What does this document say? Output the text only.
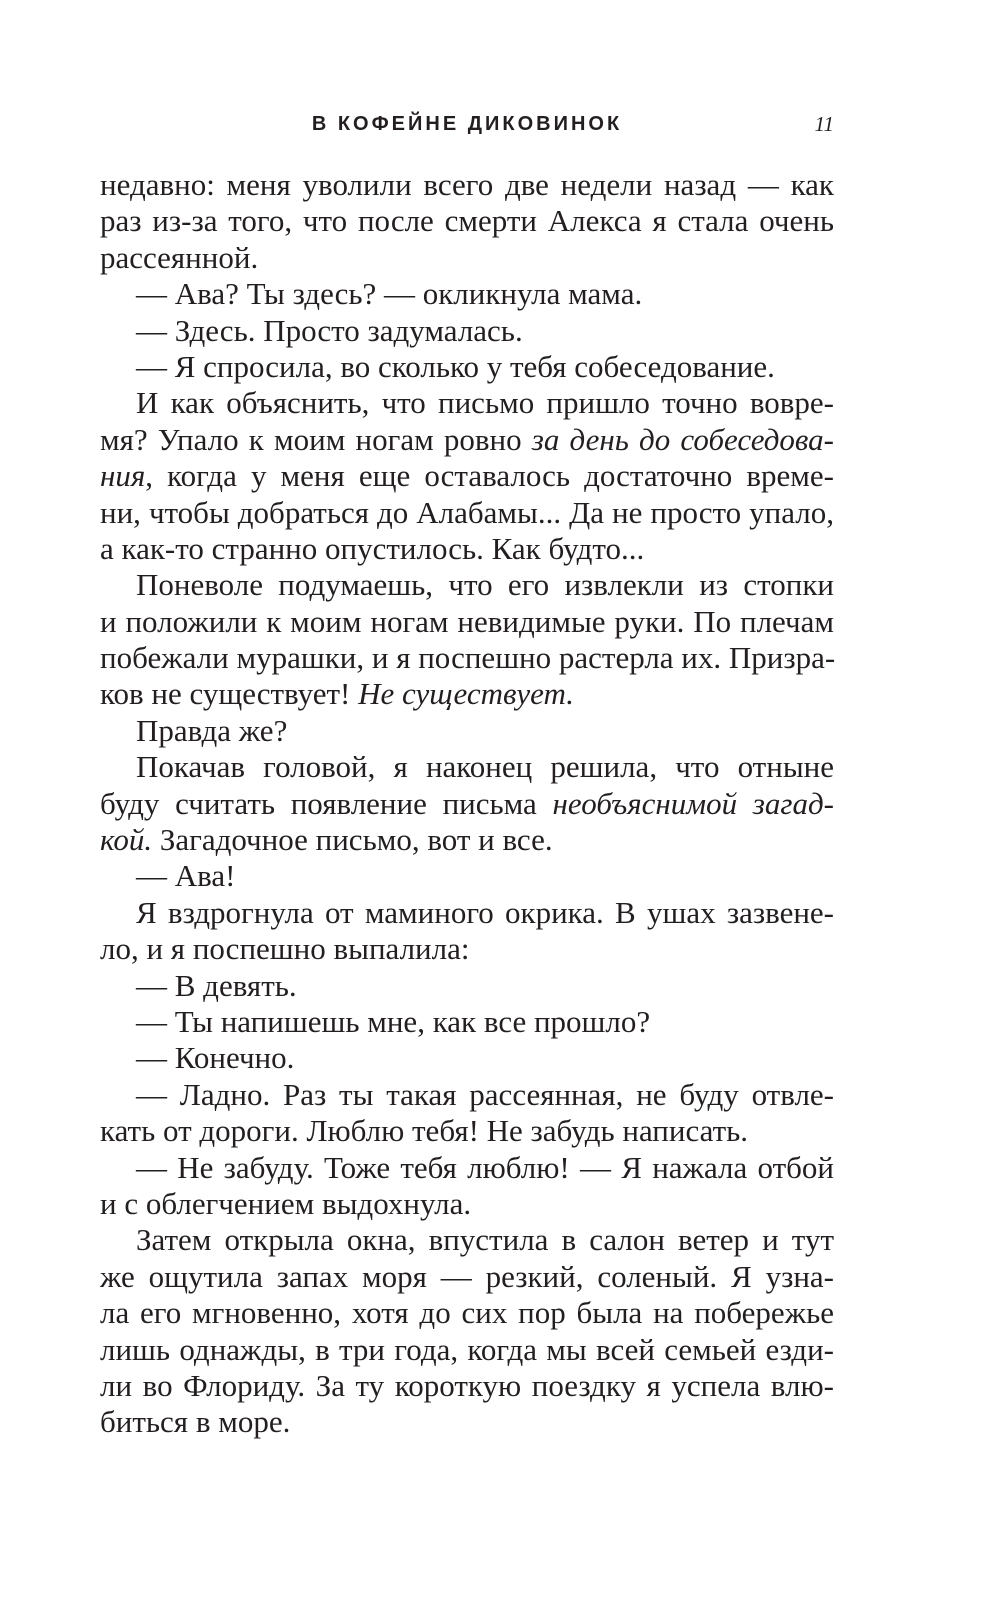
В КОФЕЙНЕ ДИКОВИНОК	11
недавно: меня уволили всего две недели назад — как
раз из-за того, что после смерти Алекса я стала очень
рассеянной.
— Ава? Ты здесь? — окликнула мама.
— Здесь. Просто задумалась.
— Я спросила, во сколько у тебя собеседование.
И как объяснить, что письмо пришло точно вовре-
мя? Упало к моим ногам ровно за день до собеседова-
ния, когда у меня еще оставалось достаточно време-
ни, чтобы добраться до Алабамы... Да не просто упало,
а как-то странно опустилось. Как будто...
Поневоле подумаешь, что его извлекли из стопки
и положили к моим ногам невидимые руки. По плечам
побежали мурашки, и я поспешно растерла их. Призра-
ков не существует! Не существует.
Правда же?
Покачав головой, я наконец решила, что отныне
буду считать появление письма необъяснимой загад-
кой. Загадочное письмо, вот и все.
— Ава!
Я вздрогнула от маминого окрика. В ушах зазвене-
ло, и я поспешно выпалила:
— В девять.
— Ты напишешь мне, как все прошло?
— Конечно.
— Ладно. Раз ты такая рассеянная, не буду отвле-
кать от дороги. Люблю тебя! Не забудь написать.
— Не забуду. Тоже тебя люблю! — Я нажала отбой
и с облегчением выдохнула.
Затем открыла окна, впустила в салон ветер и тут
же ощутила запах моря — резкий, соленый. Я узна-
ла его мгновенно, хотя до сих пор была на побережье
лишь однажды, в три года, когда мы всей семьей езди-
ли во Флориду. За ту короткую поездку я успела влю-
биться в море.
